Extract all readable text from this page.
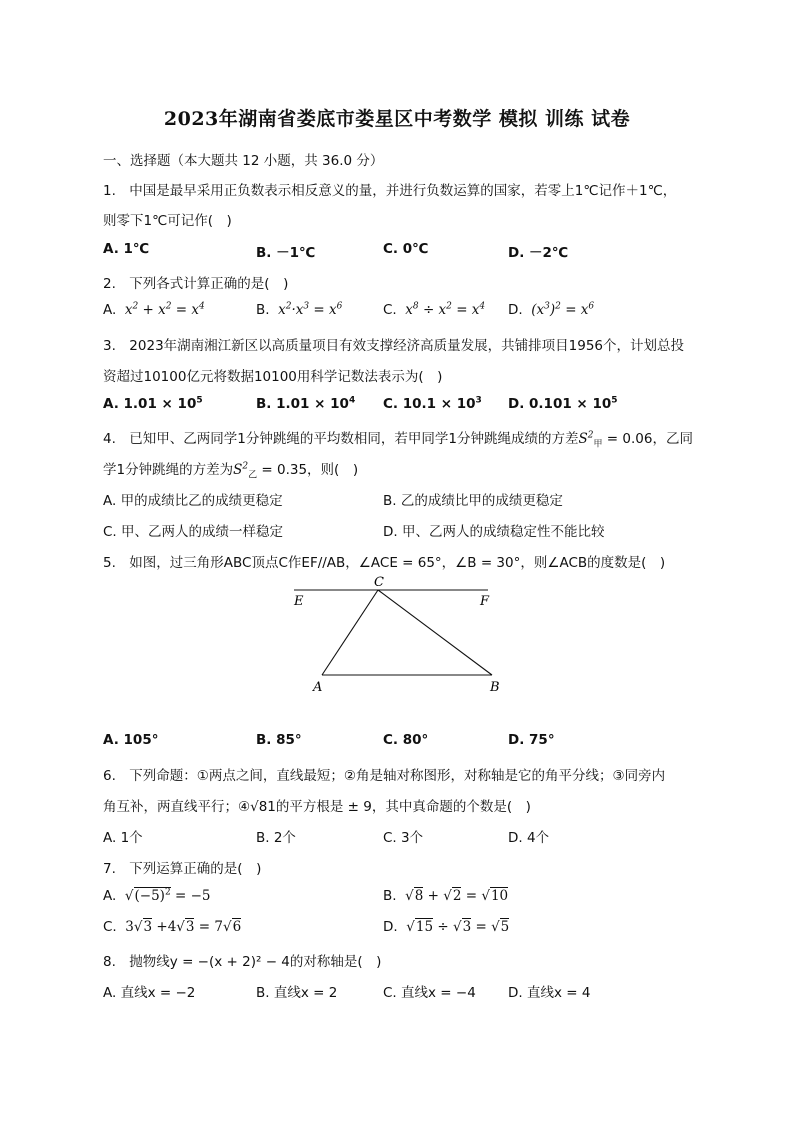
2023年湖南省娄底市娄星区中考数学 模拟 训练 试卷
一、选择题（本大题共 12 小题，共 36.0 分）
1. 中国是最早采用正负数表示相反意义的量，并进行负数运算的国家，若零上1℃记作＋1℃，
则零下1℃可记作(　)
A. 1℃	B. －1℃	C. 0℃	D. －2℃
2. 下列各式计算正确的是(　)
A.  $x^2 + x^2 = x^4$	B.  $x^2\cdot x^3 = x^6$	C.  $x^8 \div x^2 = x^4$ D.  $(x^3)^2 = x^6$
3. 2023年湖南湘江新区以高质量项目有效支撑经济高质量发展，共铺排项目1956个，计划总投
资超过10100亿元将数据10100用科学记数法表示为(　)
A. $1.01 \times 10^5$	B. $1.01 \times 10^4$ C. $10.1 \times 10^3$ D. $0.101 \times 10^5$
4. 已知甲、乙两同学1分钟跳绳的平均数相同，若甲同学1分钟跳绳成绩的方差$S^2_甲 = 0.06$，乙同
学1分钟跳绳的方差为$S^2_乙 = 0.35$，则(　)
A. 甲的成绩比乙的成绩更稳定	B. 乙的成绩比甲的成绩更稳定
C. 甲、乙两人的成绩一样稳定	D. 甲、乙两人的成绩稳定性不能比较
5. 如图，过三角形ABC顶点C作EF//AB，∠ACE = 65°，∠B = 30°，则∠ACB的度数是(　)
C
E	F
A	B
A. 105°	B. 85°	C. 80°	D. 75°
6. 下列命题：①两点之间，直线最短；②角是轴对称图形，对称轴是它的角平分线；③同旁内
角互补，两直线平行；④√81的平方根是 ± 9，其中真命题的个数是(　)
A. 1个	B. 2个	C. 3个	D. 4个
7. 下列运算正确的是(　)
A.  $√(-5)^2 = -5$	B.  √8 + √2 = √10
C.  3√3 +4√3 = 7√6	D.  √15 ÷ √3 = √5
8. 抛物线y = −(x + 2)² − 4的对称轴是(　)
A. 直线x = −2	B. 直线x = 2	C. 直线x = −4 D. 直线x = 4
